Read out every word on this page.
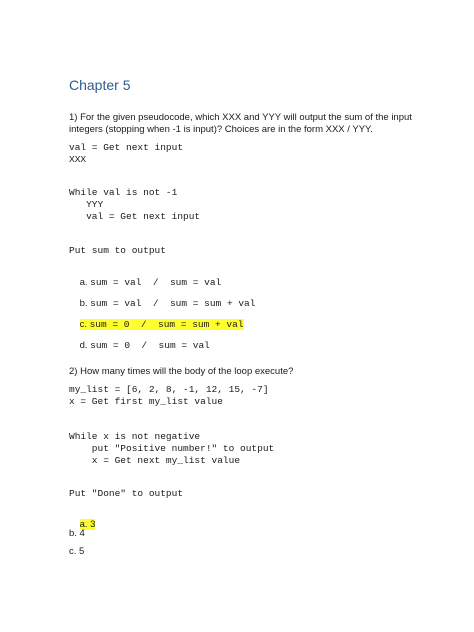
Chapter 5
1) For the given pseudocode, which XXX and YYY will output the sum of the input
integers (stopping when -1 is input)? Choices are in the form XXX / YYY.
val = Get next input
XXX
While val is not -1
YYY
val = Get next input
Put sum to output

a. sum = val  /  sum = val

b. sum = val  /  sum = sum + val

c. sum = 0  /  sum = sum + val

d. sum = 0  /  sum = val

2) How many times will the body of the loop execute?
my_list = [6, 2, 8, -1, 12, 15, -7]
x = Get first my_list value
While x is not negative
put "Positive number!" to output
x = Get next my_list value
Put "Done" to output

a. 3

b. 4
c. 5
